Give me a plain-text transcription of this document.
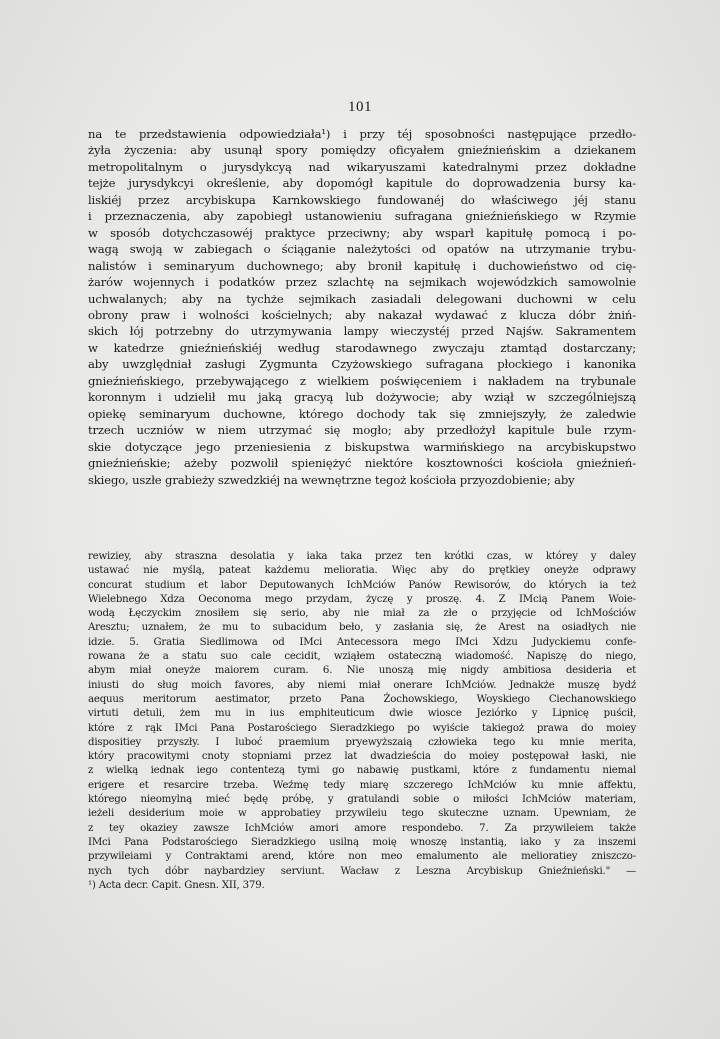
101
na te przedstawienia odpowiedziała¹) i przy téj sposobności następujące przedło-
żyła życzenia: aby usunął spory pomiędzy oficyałem gnieźnieńskim a dziekanem
metropolitalnym o jurysdykcyą nad wikaryuszami katedralnymi przez dokładne
tejże jurysdykcyi określenie, aby dopomógł kapitule do doprowadzenia bursy ka-
liskiéj przez arcybiskupa Karnkowskiego fundowanéj do właściwego jéj stanu
i przeznaczenia, aby zapobiegł ustanowieniu sufragana gnieźnieńskiego w Rzymie
w sposób dotychczasowéj praktyce przeciwny; aby wsparł kapitułę pomocą i po-
wagą swoją w zabiegach o ściąganie należytości od opatów na utrzymanie trybu-
nalistów i seminaryum duchownego; aby bronił kapitułę i duchowieństwo od cię-
żarów wojennych i podatków przez szlachtę na sejmikach wojewódzkich samowolnie
uchwalanych; aby na tychże sejmikach zasiadali delegowani duchowni w celu
obrony praw i wolności kościelnych; aby nakazał wydawać z klucza dóbr żniń-
skich łój potrzebny do utrzymywania lampy wieczystéj przed Najśw. Sakramentem
w katedrze gnieźnieńskiéj według starodawnego zwyczaju ztamtąd dostarczany;
aby uwzględniał zasługi Zygmunta Czyżowskiego sufragana płockiego i kanonika
gnieźnieńskiego, przebywającego z wielkiem poświęceniem i nakładem na trybunale
koronnym i udzielił mu jaką gracyą lub dożywocie; aby wziął w szczególniejszą
opiekę seminaryum duchowne, którego dochody tak się zmniejszyły, że zaledwie
trzech uczniów w niem utrzymać się mogło; aby przedłożył kapitule bule rzym-
skie dotyczące jego przeniesienia z biskupstwa warmińskiego na arcybiskupstwo
gnieźnieńskie; ażeby pozwolił spieniężyć niektóre kosztowności kościoła gnieźnień-
skiego, uszłe grabieży szwedzkiéj na wewnętrzne tegoż kościoła przyozdobienie; aby
rewiziey, aby straszna desolatia y iaka taka przez ten krótki czas, w którey y daley
ustawać nie myślą, pateat każdemu melioratia. Więc aby do prętkiey oneyże odprawy
concurat studium et labor Deputowanych IchMciów Panów Rewisorów, do których ia też
Wielebnego Xdza Oeconoma mego przydam, życzę y proszę. 4. Z IMcią Panem Woie-
wodą Łęczyckim znosiłem się serio, aby nie miał za złe o przyjęcie od IchMościów
Aresztu; uznałem, że mu to subacidum beło, y zasłania się, że Arest na osiadłych nie
idzie. 5. Gratia Siedlimowa od IMci Antecessora mego IMci Xdzu Judyckiemu confe-
rowana że a statu suo cale cecidit, wziąłem ostateczną wiadomość. Napiszę do niego,
abym miał oneyże maiorem curam. 6. Nie unoszą mię nigdy ambitiosa desideria et
iniusti do sług moich favores, aby niemi miał onerare IchMciów. Jednakże muszę bydź
aequus meritorum aestimator, przeto Pana Żochowskiego, Woyskiego Ciechanowskiego
virtuti detuli, żem mu in ius emphiteuticum dwie wiosce Jeziórko y Lipnicę puścił,
które z rąk IMci Pana Postarościego Sieradzkiego po wyiście takiegoż prawa do moiey
dispositiey przyszły. I luboć praemium pryewyższaią człowieka tego ku mnie merita,
który pracowitymi cnoty stopniami przez lat dwadzieścia do moiey postępował łaski, nie
z wielką iednak iego contentezą tymi go nabawię pustkami, które z fundamentu niemal
erigere et resarcire trzeba. Weźmę tedy miarę szczerego IchMciów ku mnie affektu,
którego nieomylną mieć będę próbę, y gratulandi sobie o miłości IchMciów materiam,
ieżeli desiderium moie w approbatiey przywileiu tego skuteczne uznam. Upewniam, że
z tey okaziey zawsze IchMciów amori amore respondebo. 7. Za przywileiem także
IMci Pana Podstarościego Sieradzkiego usilną moię wnoszę instantią, iako y za inszemi
przywileiami y Contraktami arend, które non meo emalumento ale melioratiey zniszczo-
nych tych dóbr naybardziey serviunt. Wacław z Leszna Arcybiskup Gnieźnieński." —
¹) Acta decr. Capit. Gnesn. XII, 379.
